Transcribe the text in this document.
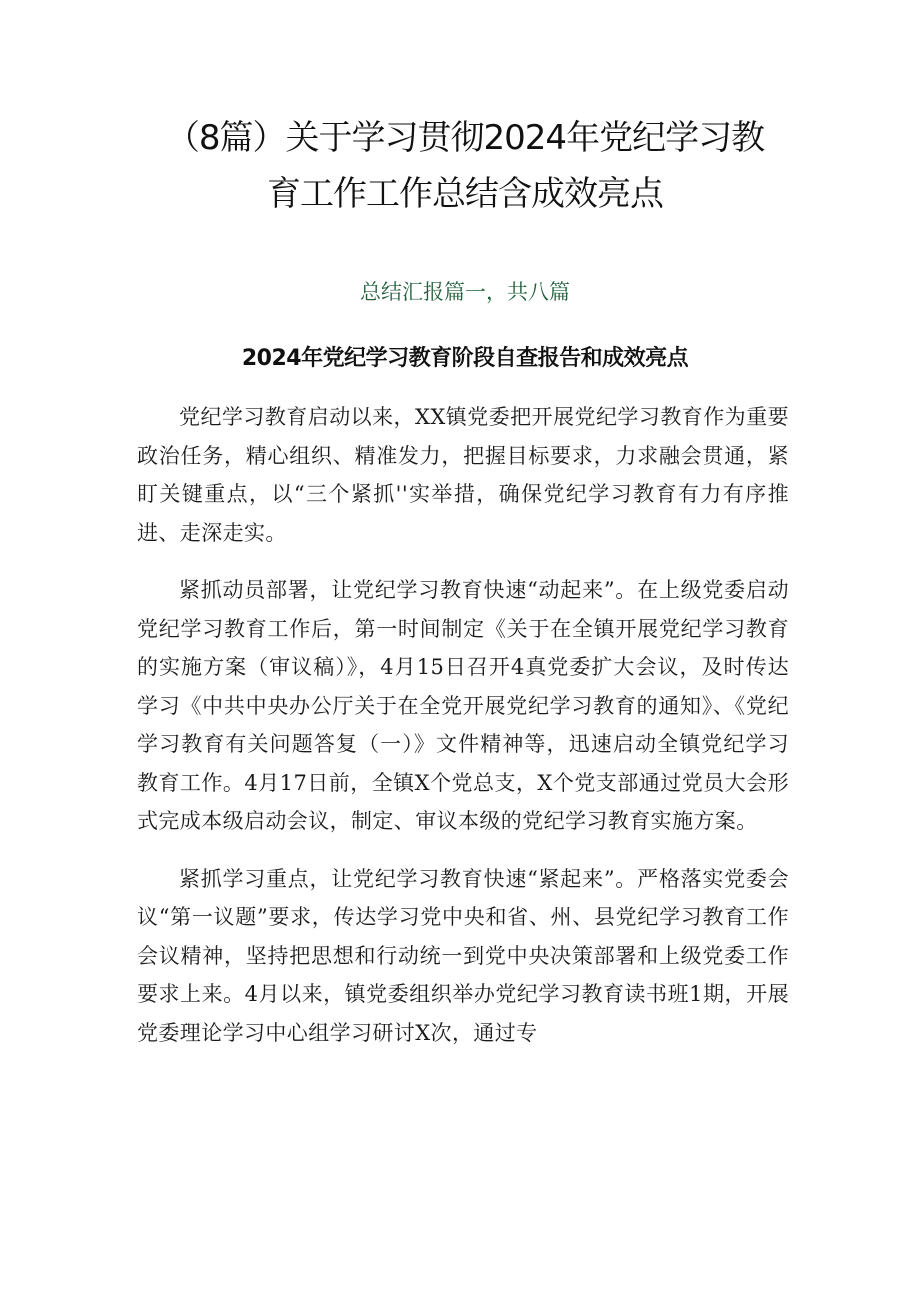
（8篇）关于学习贯彻2024年党纪学习教
育工作工作总结含成效亮点

总结汇报篇一，共八篇

2024年党纪学习教育阶段自查报告和成效亮点

党纪学习教育启动以来，XX镇党委把开展党纪学习教育作为重要政治任务，精心组织、精准发力，把握目标要求，力求融会贯通，紧盯关键重点，以“三个紧抓''实举措，确保党纪学习教育有力有序推进、走深走实。

紧抓动员部署，让党纪学习教育快速“动起来”。在上级党委启动党纪学习教育工作后，第一时间制定《关于在全镇开展党纪学习教育的实施方案（审议稿）》，4月15日召开4真党委扩大会议，及时传达学习《中共中央办公厅关于在全党开展党纪学习教育的通知》、《党纪学习教育有关问题答复（一）》文件精神等，迅速启动全镇党纪学习教育工作。4月17日前，全镇X个党总支，X个党支部通过党员大会形式完成本级启动会议，制定、审议本级的党纪学习教育实施方案。

紧抓学习重点，让党纪学习教育快速“紧起来”。严格落实党委会议“第一议题”要求，传达学习党中央和省、州、县党纪学习教育工作会议精神，坚持把思想和行动统一到党中央决策部署和上级党委工作要求上来。4月以来，镇党委组织举办党纪学习教育读书班1期，开展党委理论学习中心组学习研讨X次，通过专
